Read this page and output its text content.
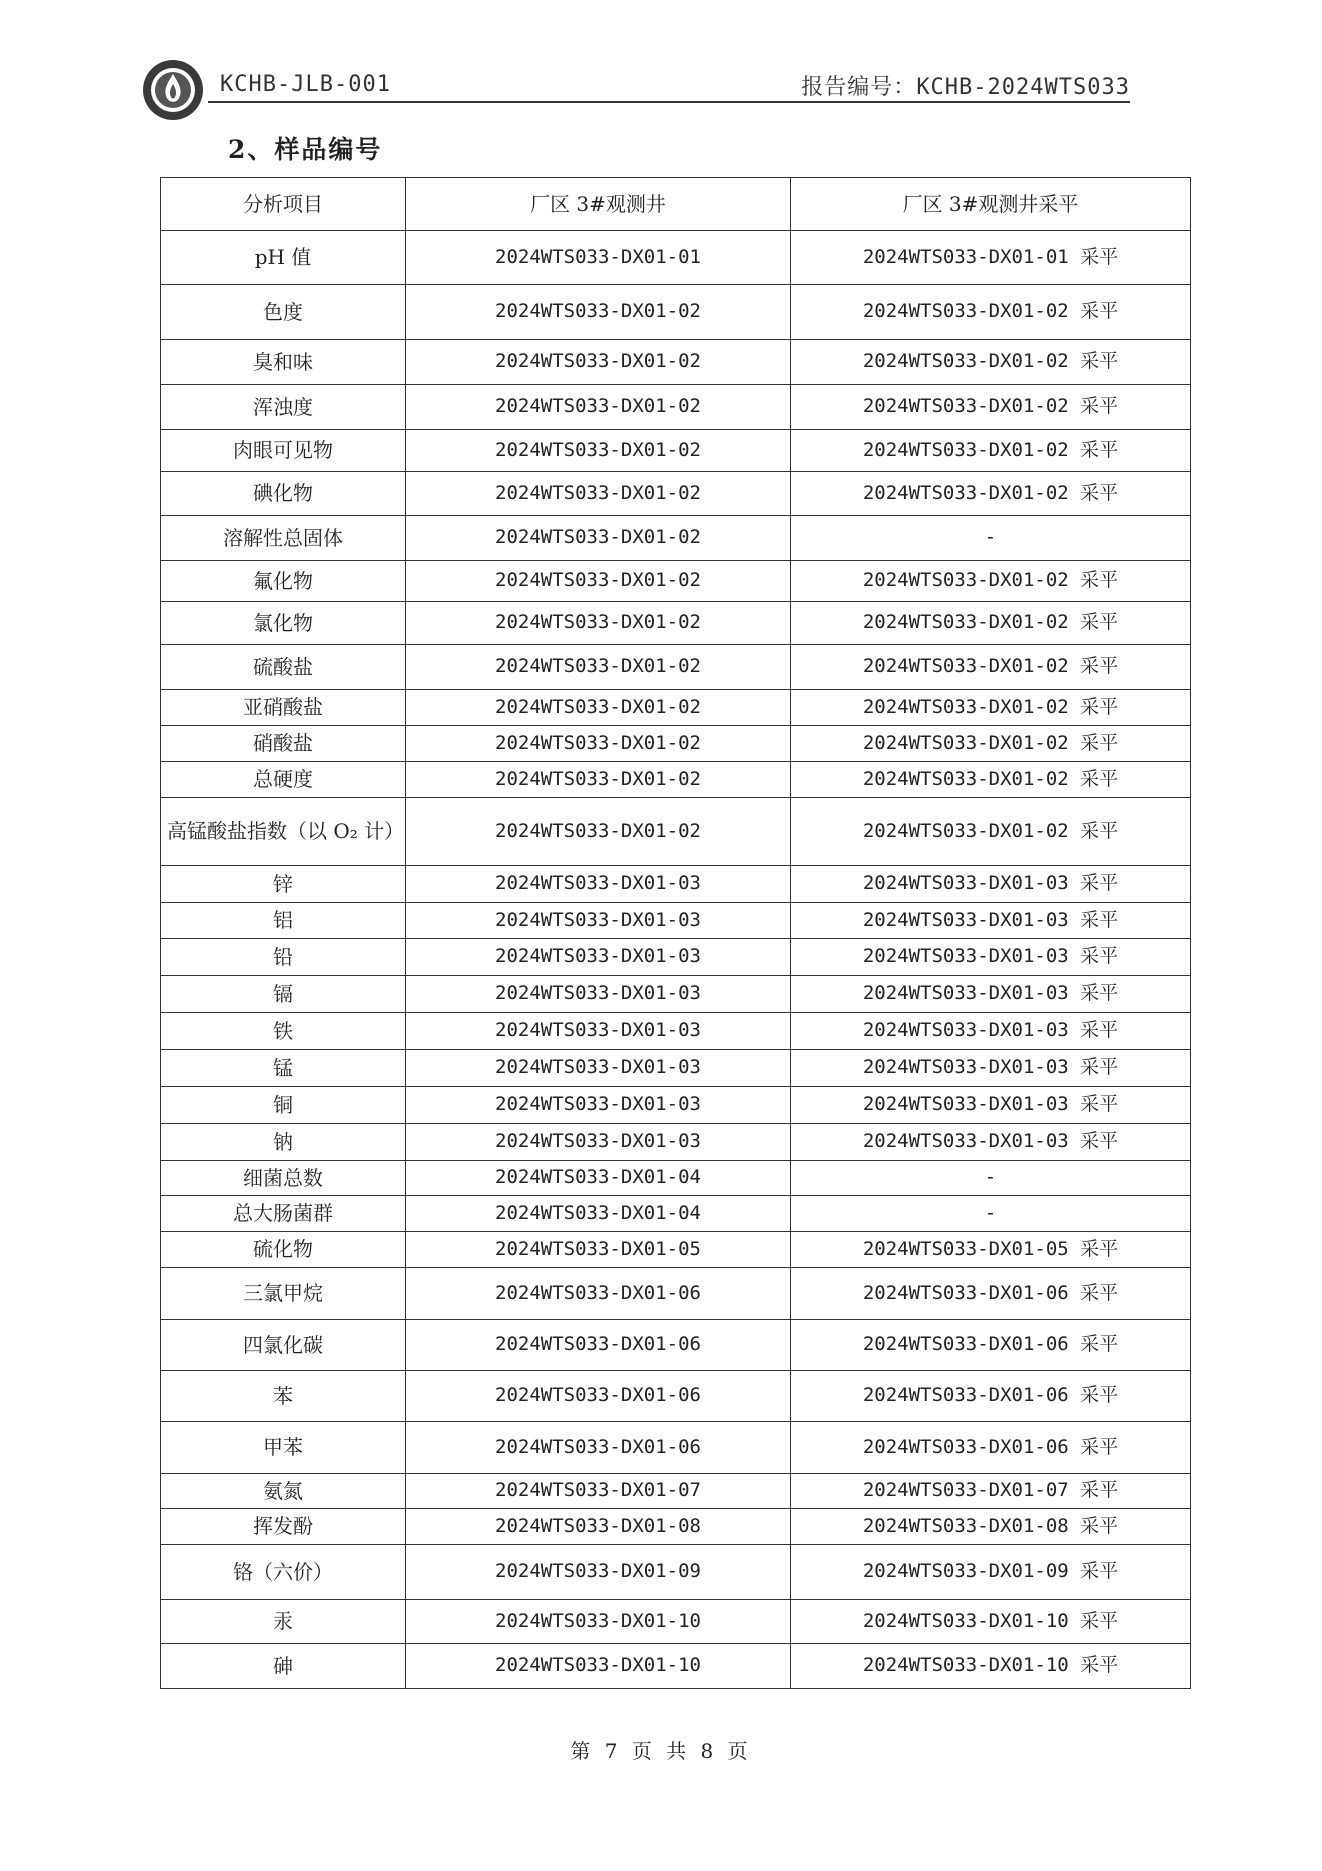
KCHB-JLB-001	报告编号：KCHB-2024WTS033
2、样品编号
分析项目	厂区 3#观测井	厂区 3#观测井采平
pH 值	2024WTS033-DX01-01	2024WTS033-DX01-01 采平
色度	2024WTS033-DX01-02	2024WTS033-DX01-02 采平
臭和味	2024WTS033-DX01-02	2024WTS033-DX01-02 采平
浑浊度	2024WTS033-DX01-02	2024WTS033-DX01-02 采平
肉眼可见物	2024WTS033-DX01-02	2024WTS033-DX01-02 采平
碘化物	2024WTS033-DX01-02	2024WTS033-DX01-02 采平
溶解性总固体	2024WTS033-DX01-02	-
氟化物	2024WTS033-DX01-02	2024WTS033-DX01-02 采平
氯化物	2024WTS033-DX01-02	2024WTS033-DX01-02 采平
硫酸盐	2024WTS033-DX01-02	2024WTS033-DX01-02 采平
亚硝酸盐	2024WTS033-DX01-02	2024WTS033-DX01-02 采平
硝酸盐	2024WTS033-DX01-02	2024WTS033-DX01-02 采平
总硬度	2024WTS033-DX01-02	2024WTS033-DX01-02 采平
高锰酸盐指数（以 O₂ 计）	2024WTS033-DX01-02	2024WTS033-DX01-02 采平
锌	2024WTS033-DX01-03	2024WTS033-DX01-03 采平
铝	2024WTS033-DX01-03	2024WTS033-DX01-03 采平
铅	2024WTS033-DX01-03	2024WTS033-DX01-03 采平
镉	2024WTS033-DX01-03	2024WTS033-DX01-03 采平
铁	2024WTS033-DX01-03	2024WTS033-DX01-03 采平
锰	2024WTS033-DX01-03	2024WTS033-DX01-03 采平
铜	2024WTS033-DX01-03	2024WTS033-DX01-03 采平
钠	2024WTS033-DX01-03	2024WTS033-DX01-03 采平
细菌总数	2024WTS033-DX01-04	-
总大肠菌群	2024WTS033-DX01-04	-
硫化物	2024WTS033-DX01-05	2024WTS033-DX01-05 采平
三氯甲烷	2024WTS033-DX01-06	2024WTS033-DX01-06 采平
四氯化碳	2024WTS033-DX01-06	2024WTS033-DX01-06 采平
苯	2024WTS033-DX01-06	2024WTS033-DX01-06 采平
甲苯	2024WTS033-DX01-06	2024WTS033-DX01-06 采平
氨氮	2024WTS033-DX01-07	2024WTS033-DX01-07 采平
挥发酚	2024WTS033-DX01-08	2024WTS033-DX01-08 采平
铬（六价）	2024WTS033-DX01-09	2024WTS033-DX01-09 采平
汞	2024WTS033-DX01-10	2024WTS033-DX01-10 采平
砷	2024WTS033-DX01-10	2024WTS033-DX01-10 采平
第 7 页 共 8 页
